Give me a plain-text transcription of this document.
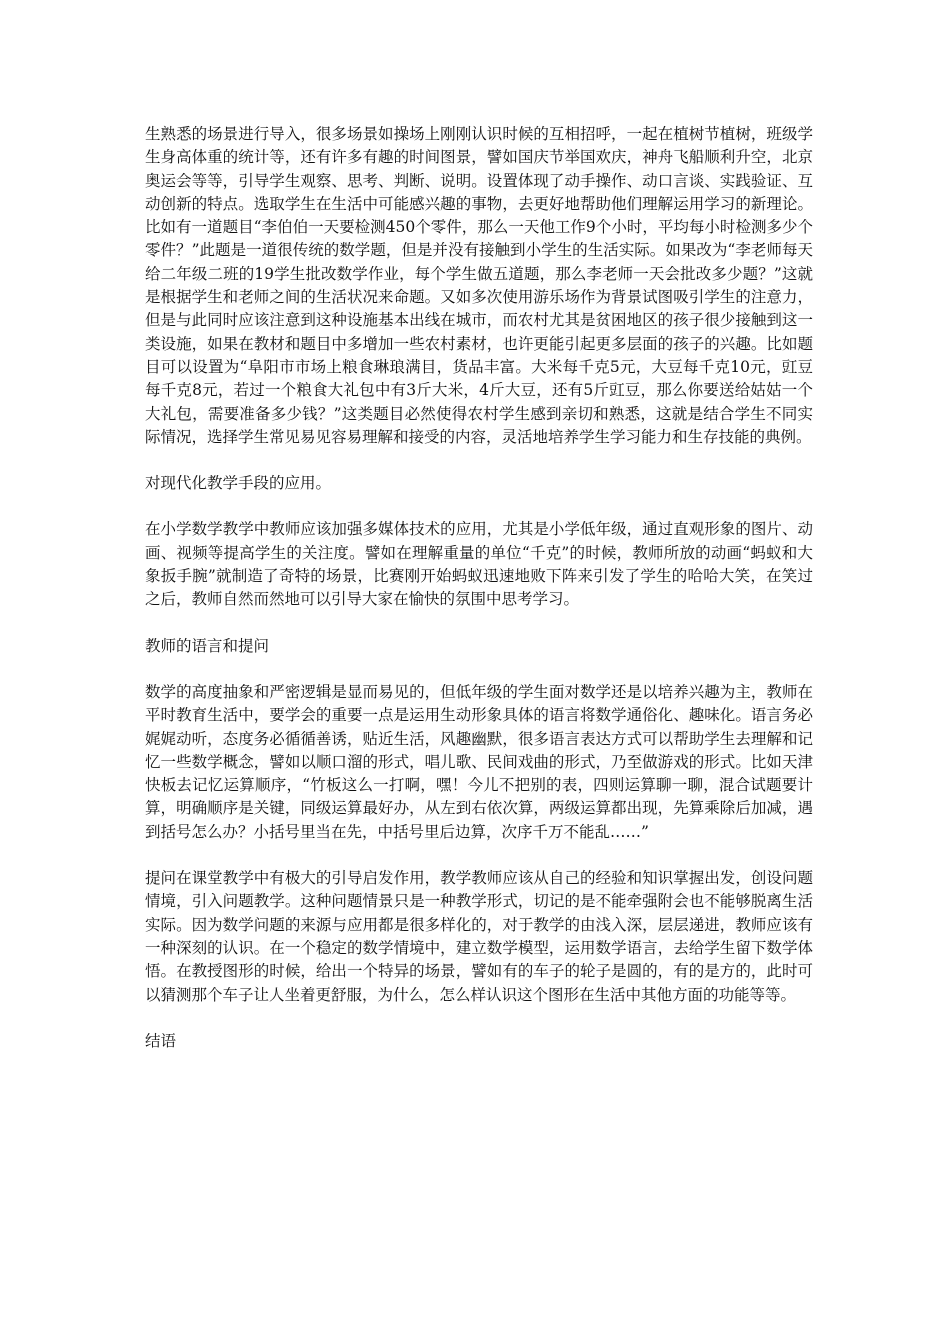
生熟悉的场景进行导入，很多场景如操场上刚刚认识时候的互相招呼，一起在植树节植树，班级学生身高体重的统计等，还有许多有趣的时间图景，譬如国庆节举国欢庆，神舟飞船顺利升空，北京奥运会等等，引导学生观察、思考、判断、说明。设置体现了动手操作、动口言谈、实践验证、互动创新的特点。选取学生在生活中可能感兴趣的事物，去更好地帮助他们理解运用学习的新理论。比如有一道题目“李伯伯一天要检测450个零件，那么一天他工作9个小时，平均每小时检测多少个零件？”此题是一道很传统的数学题，但是并没有接触到小学生的生活实际。如果改为“李老师每天给二年级二班的19学生批改数学作业，每个学生做五道题，那么李老师一天会批改多少题？”这就是根据学生和老师之间的生活状况来命题。又如多次使用游乐场作为背景试图吸引学生的注意力，但是与此同时应该注意到这种设施基本出线在城市，而农村尤其是贫困地区的孩子很少接触到这一类设施，如果在教材和题目中多增加一些农村素材，也许更能引起更多层面的孩子的兴趣。比如题目可以设置为“阜阳市市场上粮食琳琅满目，货品丰富。大米每千克5元，大豆每千克10元，豇豆每千克8元，若过一个粮食大礼包中有3斤大米，4斤大豆，还有5斤豇豆，那么你要送给姑姑一个大礼包，需要准备多少钱？”这类题目必然使得农村学生感到亲切和熟悉，这就是结合学生不同实际情况，选择学生常见易见容易理解和接受的内容，灵活地培养学生学习能力和生存技能的典例。

对现代化教学手段的应用。

在小学数学教学中教师应该加强多媒体技术的应用，尤其是小学低年级，通过直观形象的图片、动画、视频等提高学生的关注度。譬如在理解重量的单位“千克”的时候，教师所放的动画“蚂蚁和大象扳手腕”就制造了奇特的场景，比赛刚开始蚂蚁迅速地败下阵来引发了学生的哈哈大笑，在笑过之后，教师自然而然地可以引导大家在愉快的氛围中思考学习。

教师的语言和提问

数学的高度抽象和严密逻辑是显而易见的，但低年级的学生面对数学还是以培养兴趣为主，教师在平时教育生活中，要学会的重要一点是运用生动形象具体的语言将数学通俗化、趣味化。语言务必娓娓动听，态度务必循循善诱，贴近生活，风趣幽默，很多语言表达方式可以帮助学生去理解和记忆一些数学概念，譬如以顺口溜的形式，唱儿歌、民间戏曲的形式，乃至做游戏的形式。比如天津快板去记忆运算顺序，“竹板这么一打啊，嘿！今儿不把别的表，四则运算聊一聊，混合试题要计算，明确顺序是关键，同级运算最好办，从左到右依次算，两级运算都出现，先算乘除后加减，遇到括号怎么办？小括号里当在先，中括号里后边算，次序千万不能乱……”

提问在课堂教学中有极大的引导启发作用，教学教师应该从自己的经验和知识掌握出发，创设问题情境，引入问题教学。这种问题情景只是一种教学形式，切记的是不能牵强附会也不能够脱离生活实际。因为数学问题的来源与应用都是很多样化的，对于教学的由浅入深，层层递进，教师应该有一种深刻的认识。在一个稳定的数学情境中，建立数学模型，运用数学语言，去给学生留下数学体悟。在教授图形的时候，给出一个特异的场景，譬如有的车子的轮子是圆的，有的是方的，此时可以猜测那个车子让人坐着更舒服，为什么，怎么样认识这个图形在生活中其他方面的功能等等。

结语
